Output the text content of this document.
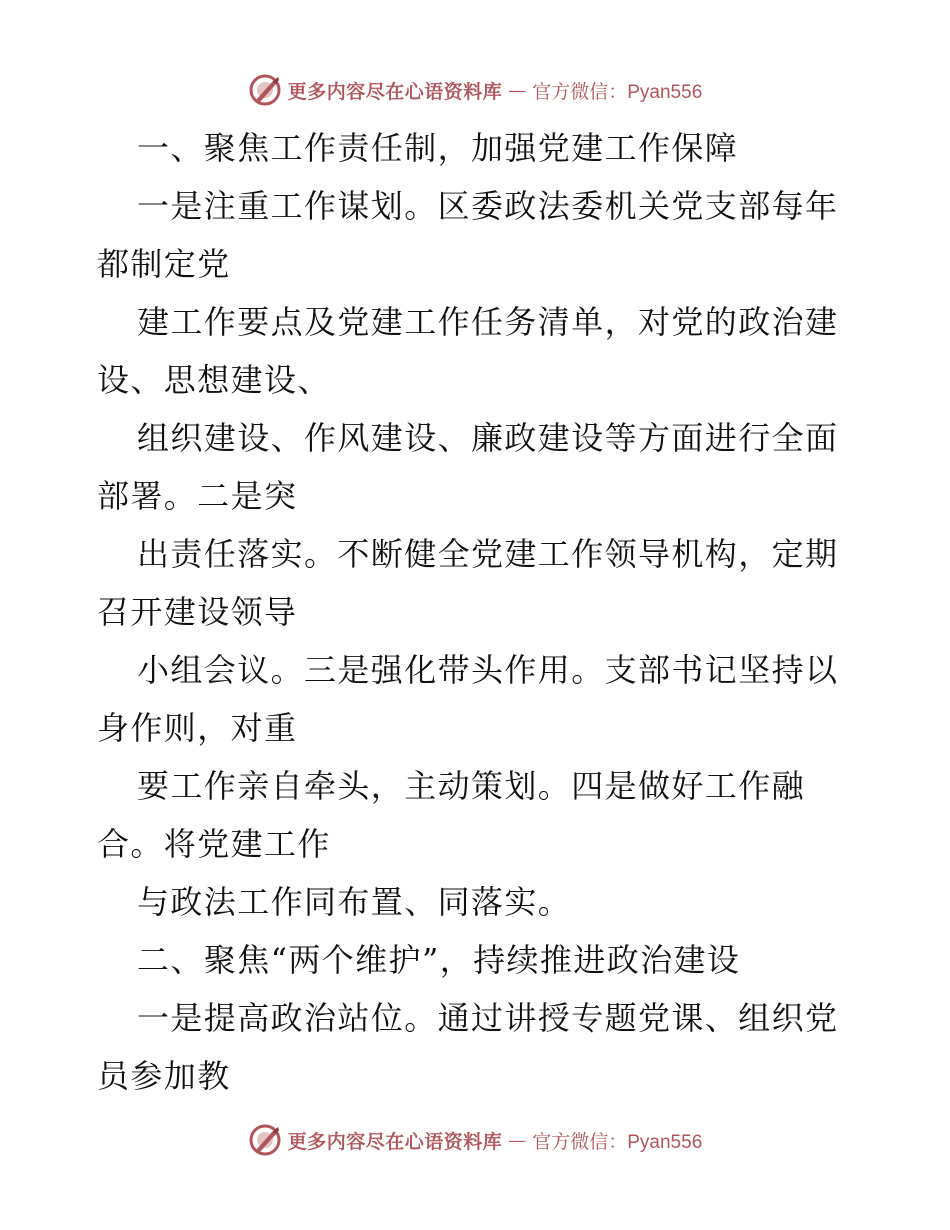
更多内容尽在心语资料库 — 官方微信：Pyan556
一、聚焦工作责任制，加强党建工作保障
一是注重工作谋划。区委政法委机关党支部每年
都制定党
建工作要点及党建工作任务清单，对党的政治建
设、思想建设、
组织建设、作风建设、廉政建设等方面进行全面
部署。二是突
出责任落实。不断健全党建工作领导机构，定期
召开建设领导
小组会议。三是强化带头作用。支部书记坚持以
身作则，对重
要工作亲自牵头，主动策划。四是做好工作融
合。将党建工作
与政法工作同布置、同落实。
二、聚焦“两个维护”，持续推进政治建设
一是提高政治站位。通过讲授专题党课、组织党
员参加教
更多内容尽在心语资料库 — 官方微信：Pyan556
